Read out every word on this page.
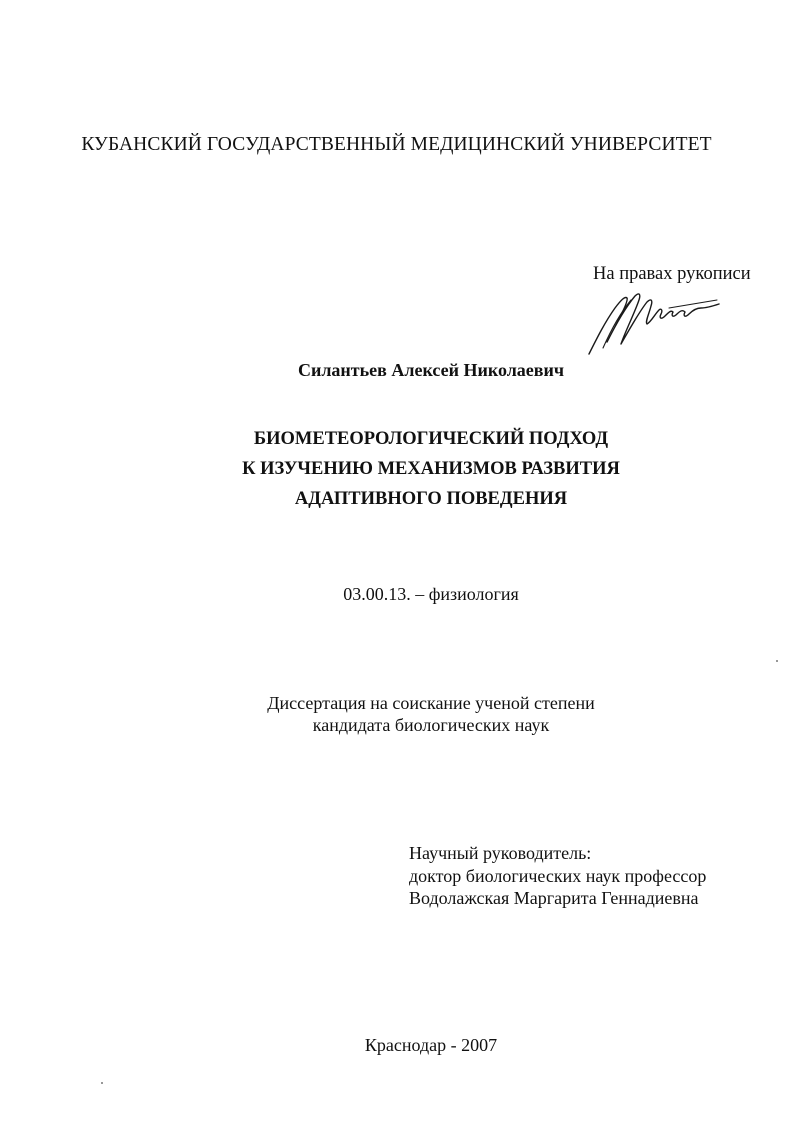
КУБАНСКИЙ ГОСУДАРСТВЕННЫЙ МЕДИЦИНСКИЙ УНИВЕРСИТЕТ
На правах рукописи
Силантьев Алексей Николаевич
БИОМЕТЕОРОЛОГИЧЕСКИЙ ПОДХОД
К ИЗУЧЕНИЮ МЕХАНИЗМОВ РАЗВИТИЯ
АДАПТИВНОГО ПОВЕДЕНИЯ
03.00.13. – физиология
Диссертация на соискание ученой степени
кандидата биологических наук
Научный руководитель:
доктор биологических наук профессор
Водолажская Маргарита Геннадиевна
Краснодар - 2007
